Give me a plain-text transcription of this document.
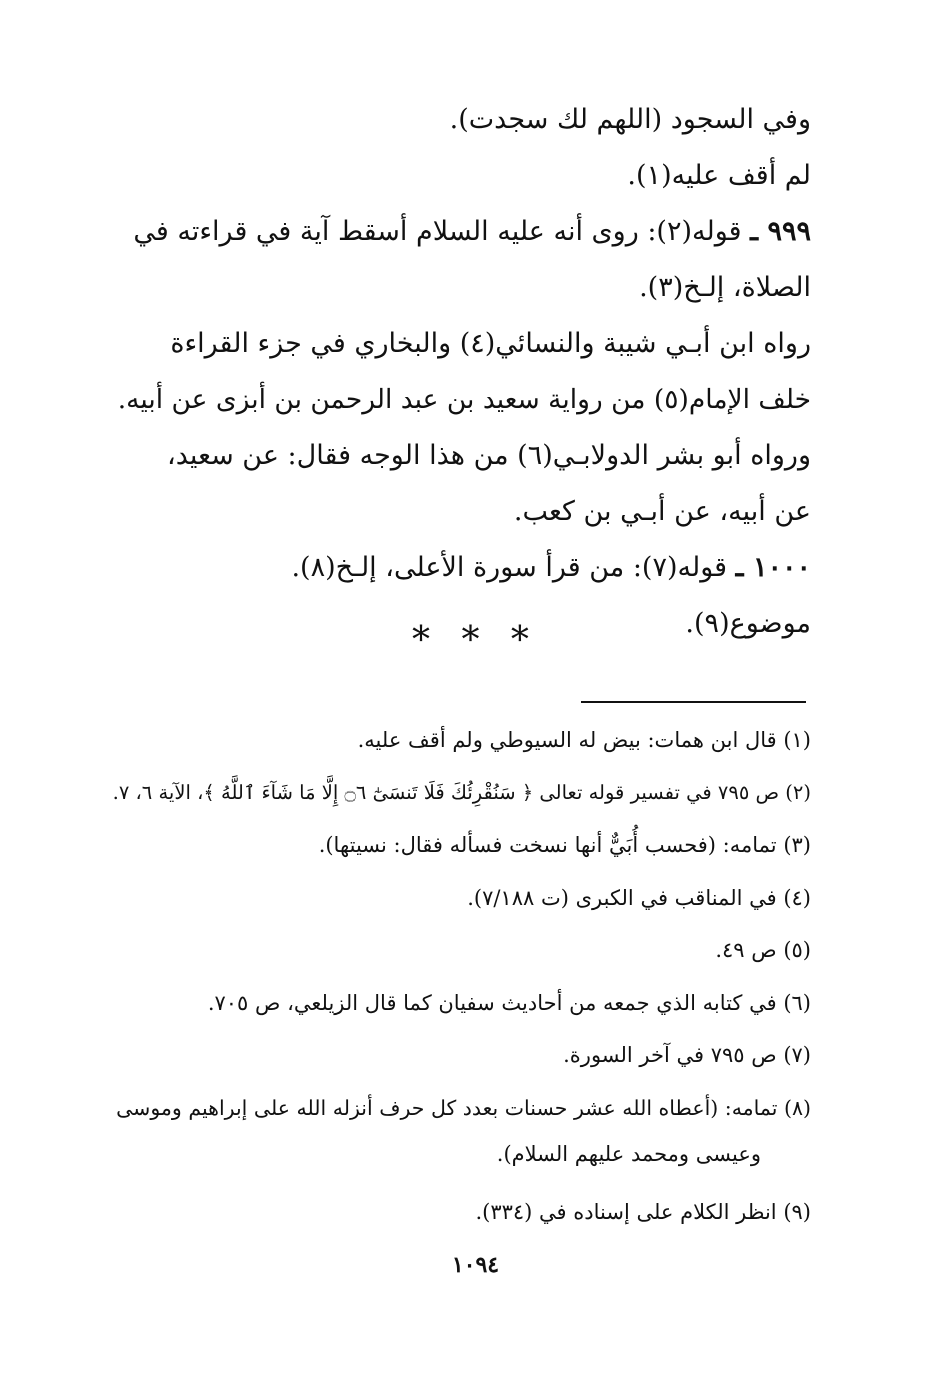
وفي السجود (اللهم لك سجدت).
لم أقف عليه(١).
٩٩٩ ـ قوله(٢): روى أنه عليه السلام أسقط آية في قراءته في
الصلاة، إلـخ(٣).
رواه ابن أبـي شيبة والنسائي(٤) والبخاري في جزء القراءة
خلف الإمام(٥) من رواية سعيد بن عبد الرحمن بن أبزى عن أبيه.
ورواه أبو بشر الدولابـي(٦) من هذا الوجه فقال: عن سعيد،
عن أبيه، عن أبـي بن كعب.
١٠٠٠ ـ قوله(٧): من قرأ سورة الأعلى، إلـخ(٨).
موضوع(٩).
* * *
(١) قال ابن همات: بيض له السيوطي ولم أقف عليه.
(٢) ص ٧٩٥ في تفسير قوله تعالى ﴿ سَنُقْرِئُكَ فَلَا تَنسَىٰٓ ۝٦ إِلَّا مَا شَآءَ ٱللَّهُ ﴾، الآية ٦، ٧.
(٣) تمامه: (فحسب أُبَيٌّ أنها نسخت فسأله فقال: نسيتها).
(٤) في المناقب في الكبرى (ت ٧/١٨٨).
(٥) ص ٤٩.
(٦) في كتابه الذي جمعه من أحاديث سفيان كما قال الزيلعي، ص ٧٠٥.
(٧) ص ٧٩٥ في آخر السورة.
(٨) تمامه: (أعطاه الله عشر حسنات بعدد كل حرف أنزله الله على إبراهيم وموسى
وعيسى ومحمد عليهم السلام).
(٩) انظر الكلام على إسناده في (٣٣٤).
١٠٩٤
